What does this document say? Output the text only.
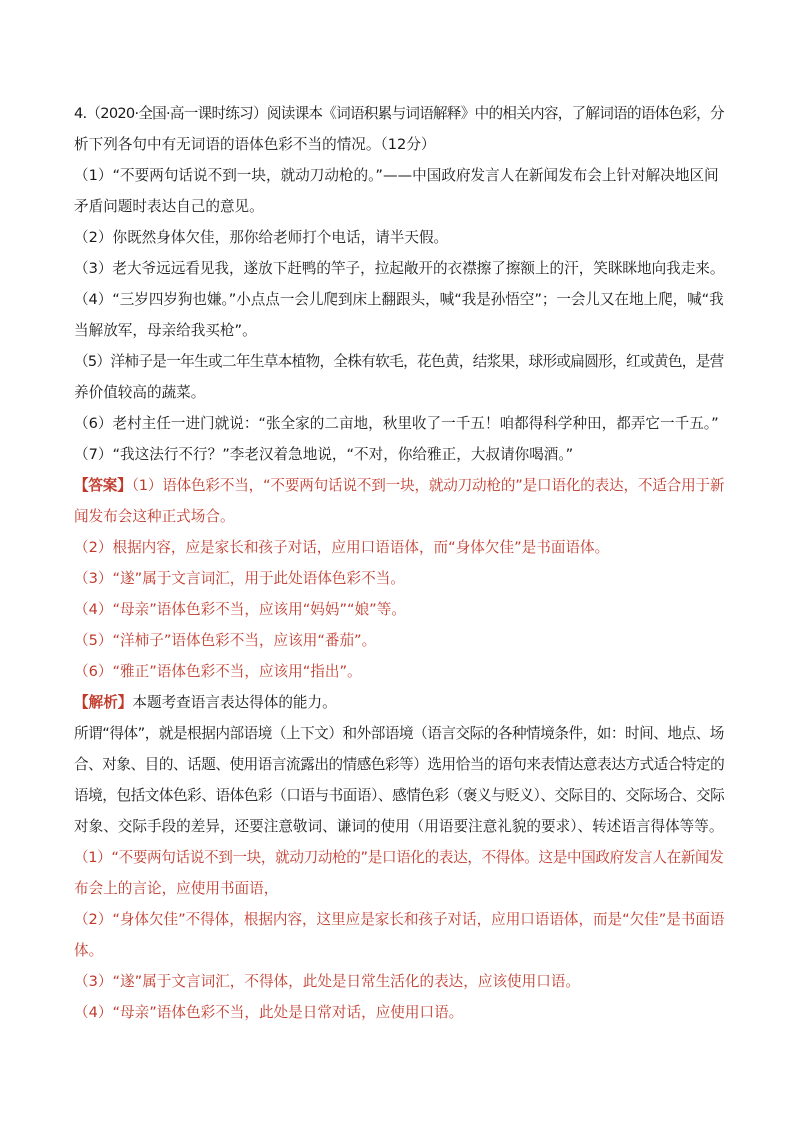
4.（2020·全国·高一课时练习）阅读课本《词语积累与词语解释》中的相关内容，了解词语的语体色彩，分
析下列各句中有无词语的语体色彩不当的情况。（12分）
（1）“不要两句话说不到一块，就动刀动枪的。”——中国政府发言人在新闻发布会上针对解决地区间
矛盾问题时表达自己的意见。
（2）你既然身体欠佳，那你给老师打个电话，请半天假。
（3）老大爷远远看见我，遂放下赶鸭的竿子，拉起敞开的衣襟擦了擦额上的汗，笑眯眯地向我走来。
（4）“三岁四岁狗也嫌。”小点点一会儿爬到床上翻跟头，喊“我是孙悟空”；一会儿又在地上爬，喊“我
当解放军，母亲给我买枪”。
（5）洋柿子是一年生或二年生草本植物，全株有软毛，花色黄，结浆果，球形或扁圆形，红或黄色，是营
养价值较高的蔬菜。
（6）老村主任一进门就说：“张全家的二亩地，秋里收了一千五！咱都得科学种田，都弄它一千五。”
（7）“我这法行不行？”李老汉着急地说，“不对，你给雅正，大叔请你喝酒。”
【答案】（1）语体色彩不当，“不要两句话说不到一块，就动刀动枪的”是口语化的表达，不适合用于新
闻发布会这种正式场合。
（2）根据内容，应是家长和孩子对话，应用口语语体，而“身体欠佳”是书面语体。
（3）“遂”属于文言词汇，用于此处语体色彩不当。
（4）“母亲”语体色彩不当，应该用“妈妈”“娘”等。
（5）“洋柿子”语体色彩不当，应该用“番茄”。
（6）“雅正”语体色彩不当，应该用“指出”。
【解析】本题考查语言表达得体的能力。
所谓“得体”，就是根据内部语境（上下文）和外部语境（语言交际的各种情境条件，如：时间、地点、场
合、对象、目的、话题、使用语言流露出的情感色彩等）选用恰当的语句来表情达意表达方式适合特定的
语境，包括文体色彩、语体色彩（口语与书面语）、感情色彩（褒义与贬义）、交际目的、交际场合、交际
对象、交际手段的差异，还要注意敬词、谦词的使用（用语要注意礼貌的要求）、转述语言得体等等。
（1）“不要两句话说不到一块，就动刀动枪的”是口语化的表达，不得体。这是中国政府发言人在新闻发
布会上的言论，应使用书面语，
（2）“身体欠佳”不得体，根据内容，这里应是家长和孩子对话，应用口语语体，而是“欠佳”是书面语
体。
（3）“遂”属于文言词汇，不得体，此处是日常生活化的表达，应该使用口语。
（4）“母亲”语体色彩不当，此处是日常对话，应使用口语。
